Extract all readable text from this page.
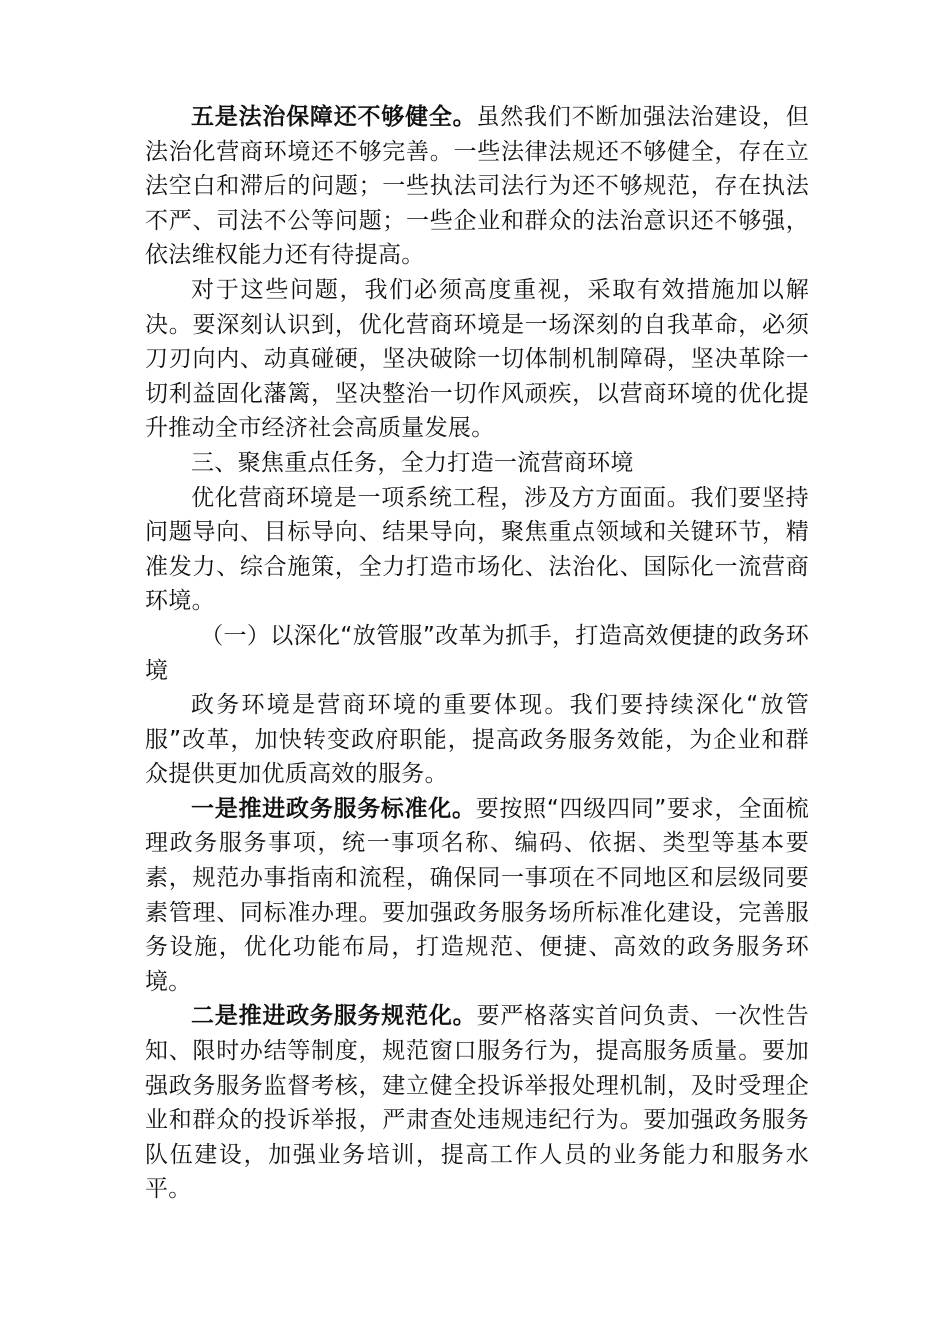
五是法治保障还不够健全。虽然我们不断加强法治建设，但法治化营商环境还不够完善。一些法律法规还不够健全，存在立法空白和滞后的问题；一些执法司法行为还不够规范，存在执法不严、司法不公等问题；一些企业和群众的法治意识还不够强，依法维权能力还有待提高。

对于这些问题，我们必须高度重视，采取有效措施加以解决。要深刻认识到，优化营商环境是一场深刻的自我革命，必须刀刃向内、动真碰硬，坚决破除一切体制机制障碍，坚决革除一切利益固化藩篱，坚决整治一切作风顽疾，以营商环境的优化提升推动全市经济社会高质量发展。

三、聚焦重点任务，全力打造一流营商环境

优化营商环境是一项系统工程，涉及方方面面。我们要坚持问题导向、目标导向、结果导向，聚焦重点领域和关键环节，精准发力、综合施策，全力打造市场化、法治化、国际化一流营商环境。

（一）以深化“放管服”改革为抓手，打造高效便捷的政务环境

政务环境是营商环境的重要体现。我们要持续深化“放管服”改革，加快转变政府职能，提高政务服务效能，为企业和群众提供更加优质高效的服务。

一是推进政务服务标准化。要按照“四级四同”要求，全面梳理政务服务事项，统一事项名称、编码、依据、类型等基本要素，规范办事指南和流程，确保同一事项在不同地区和层级同要素管理、同标准办理。要加强政务服务场所标准化建设，完善服务设施，优化功能布局，打造规范、便捷、高效的政务服务环境。

二是推进政务服务规范化。要严格落实首问负责、一次性告知、限时办结等制度，规范窗口服务行为，提高服务质量。要加强政务服务监督考核，建立健全投诉举报处理机制，及时受理企业和群众的投诉举报，严肃查处违规违纪行为。要加强政务服务队伍建设，加强业务培训，提高工作人员的业务能力和服务水平。
